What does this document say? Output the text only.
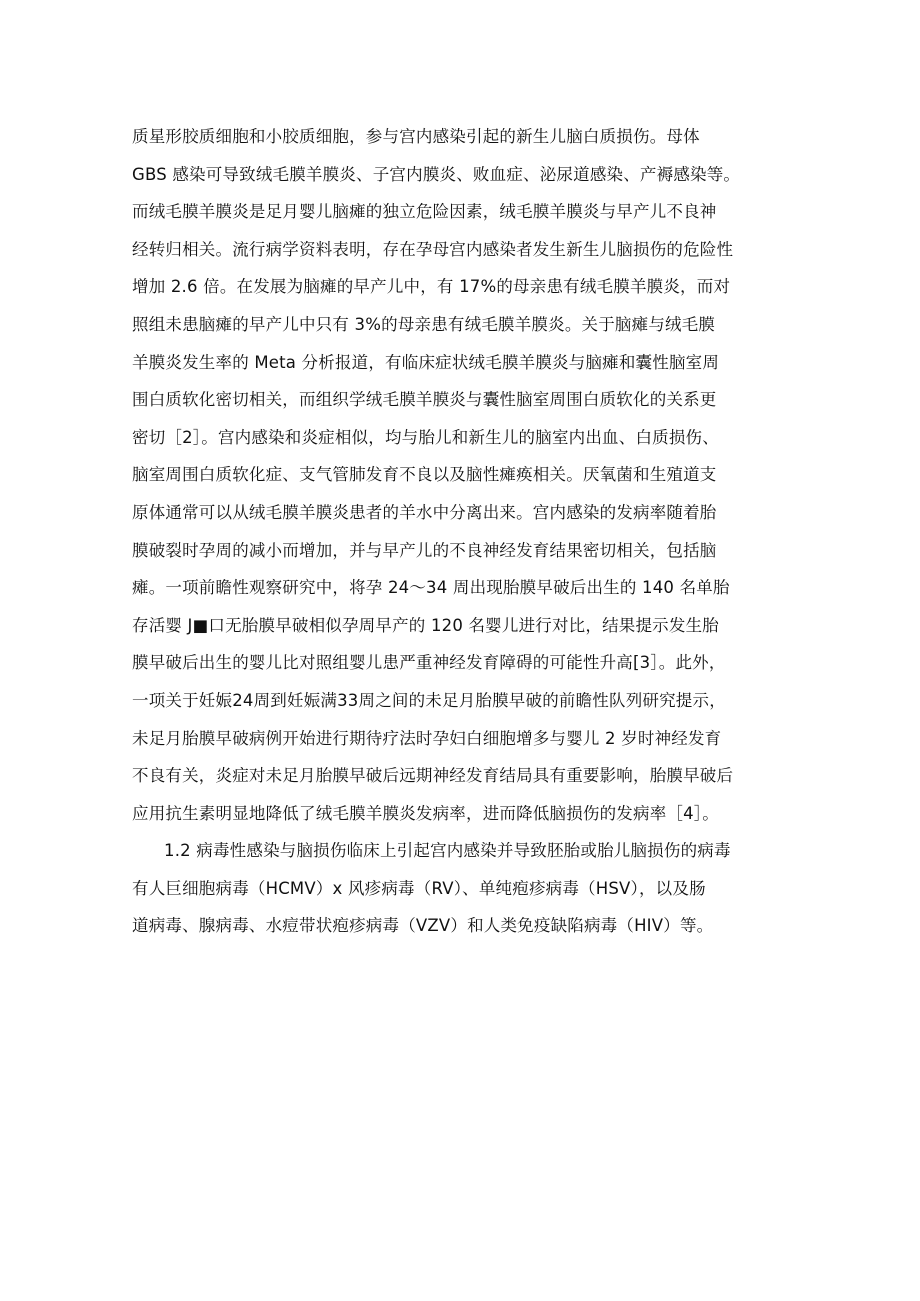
质星形胶质细胞和小胶质细胞，参与宫内感染引起的新生儿脑白质损伤。母体
GBS 感染可导致绒毛膜羊膜炎、子宫内膜炎、败血症、泌尿道感染、产褥感染等。
而绒毛膜羊膜炎是足月婴儿脑瘫的独立危险因素，绒毛膜羊膜炎与早产儿不良神
经转归相关。流行病学资料表明，存在孕母宫内感染者发生新生儿脑损伤的危险性
增加 2.6 倍。在发展为脑瘫的早产儿中，有 17%的母亲患有绒毛膜羊膜炎，而对
照组未患脑瘫的早产儿中只有 3%的母亲患有绒毛膜羊膜炎。关于脑瘫与绒毛膜
羊膜炎发生率的 Meta 分析报道，有临床症状绒毛膜羊膜炎与脑瘫和囊性脑室周
围白质软化密切相关，而组织学绒毛膜羊膜炎与囊性脑室周围白质软化的关系更
密切［2］。宫内感染和炎症相似，均与胎儿和新生儿的脑室内出血、白质损伤、
脑室周围白质软化症、支气管肺发育不良以及脑性瘫痪相关。厌氧菌和生殖道支
原体通常可以从绒毛膜羊膜炎患者的羊水中分离出来。宫内感染的发病率随着胎
膜破裂时孕周的减小而增加，并与早产儿的不良神经发育结果密切相关，包括脑
瘫。一项前瞻性观察研究中，将孕 24～34 周出现胎膜早破后出生的 140 名单胎
存活婴 J■口无胎膜早破相似孕周早产的 120 名婴儿进行对比，结果提示发生胎
膜早破后出生的婴儿比对照组婴儿患严重神经发育障碍的可能性升高[3］。此外，
一项关于妊娠24周到妊娠满33周之间的未足月胎膜早破的前瞻性队列研究提示，
未足月胎膜早破病例开始进行期待疗法时孕妇白细胞增多与婴儿 2 岁时神经发育
不良有关，炎症对未足月胎膜早破后远期神经发育结局具有重要影响，胎膜早破后
应用抗生素明显地降低了绒毛膜羊膜炎发病率，进而降低脑损伤的发病率［4］。
1.2 病毒性感染与脑损伤临床上引起宫内感染并导致胚胎或胎儿脑损伤的病毒
有人巨细胞病毒（HCMV）x 风疹病毒（RV）、单纯疱疹病毒（HSV），以及肠
道病毒、腺病毒、水痘带状疱疹病毒（VZV）和人类免疫缺陷病毒（HIV）等。
